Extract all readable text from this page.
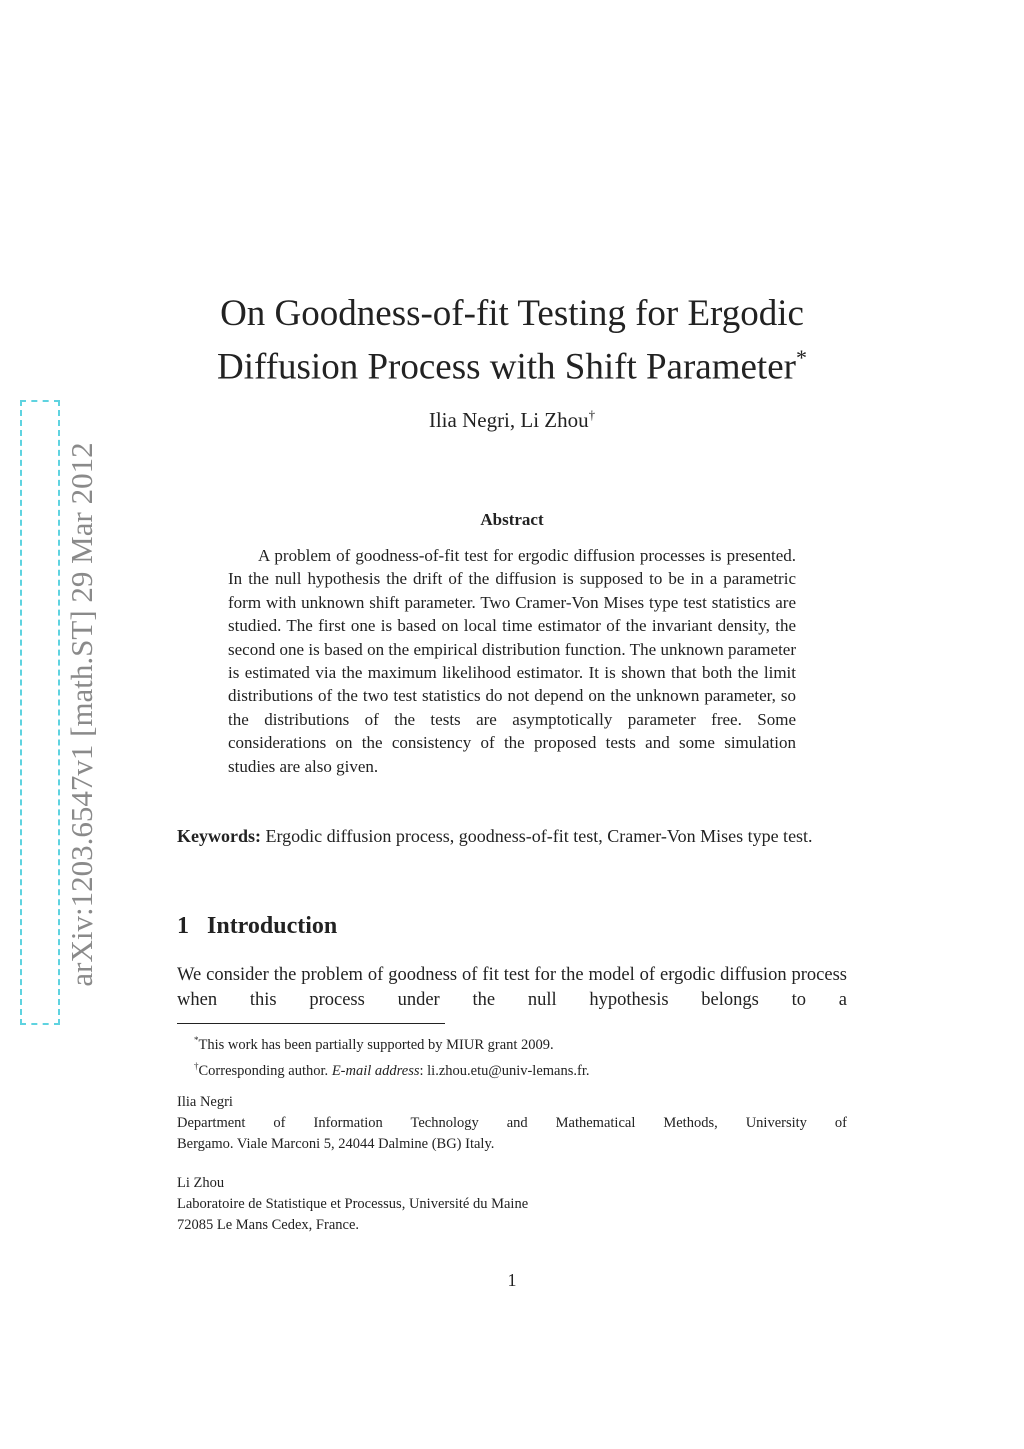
arXiv:1203.6547v1 [math.ST] 29 Mar 2012
On Goodness-of-fit Testing for Ergodic
Diffusion Process with Shift Parameter*
Ilia Negri, Li Zhou†
Abstract
A problem of goodness-of-fit test for ergodic diffusion processes is presented. In the null hypothesis the drift of the diffusion is supposed to be in a parametric form with unknown shift parameter. Two Cramer-Von Mises type test statistics are studied. The first one is based on local time estimator of the invariant density, the second one is based on the empirical distribution function. The unknown parameter is estimated via the maximum likelihood estimator. It is shown that both the limit distributions of the two test statistics do not depend on the unknown parameter, so the distributions of the tests are asymptotically parameter free. Some considerations on the consistency of the proposed tests and some simulation studies are also given.
Keywords: Ergodic diffusion process, goodness-of-fit test, Cramer-Von Mises type test.
1 Introduction
We consider the problem of goodness of fit test for the model of ergodic diffusion process when this process under the null hypothesis belongs to a
*This work has been partially supported by MIUR grant 2009.
†Corresponding author. E-mail address: li.zhou.etu@univ-lemans.fr.
Ilia Negri
Department of Information Technology and Mathematical Methods, University of
Bergamo. Viale Marconi 5, 24044 Dalmine (BG) Italy.
Li Zhou
Laboratoire de Statistique et Processus, Université du Maine
72085 Le Mans Cedex, France.
1
